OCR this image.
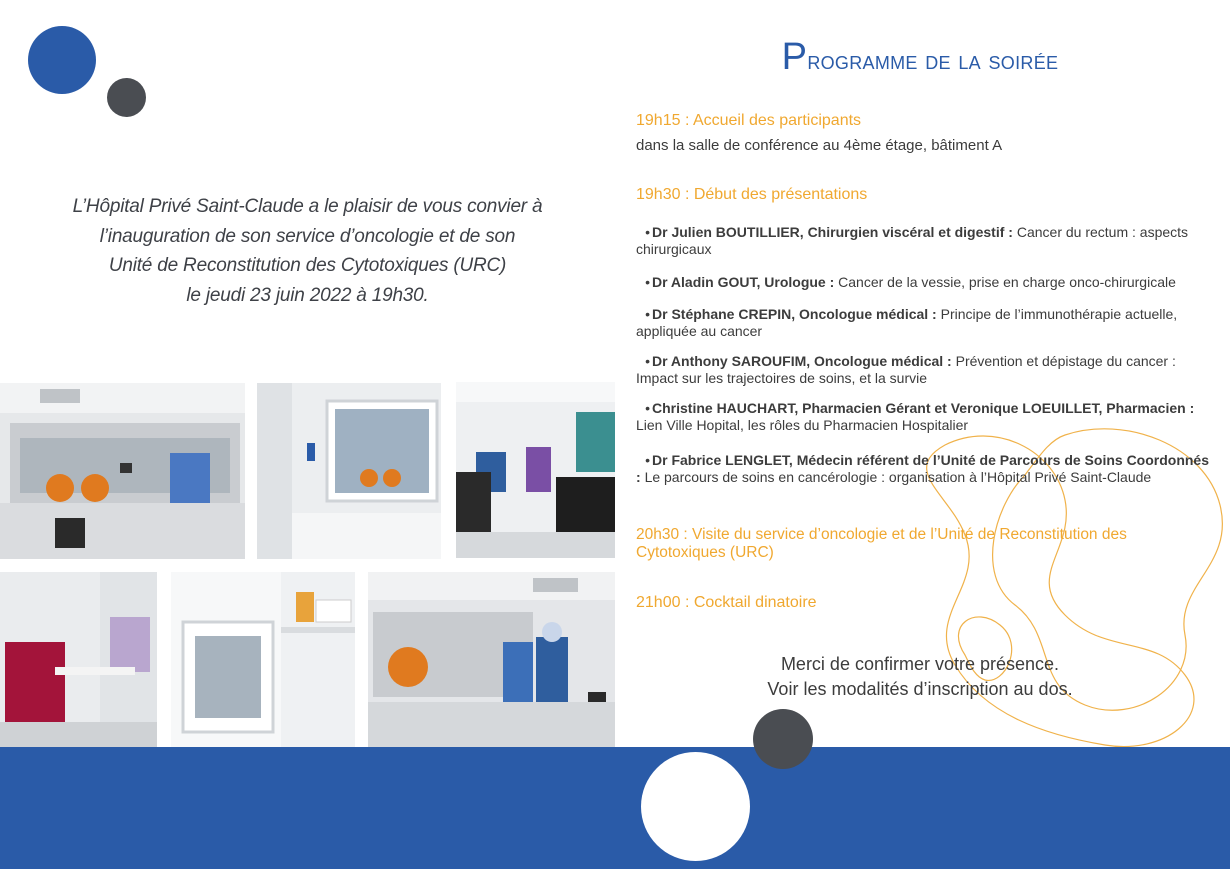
L’Hôpital Privé Saint-Claude a le plaisir de vous convier à
l’inauguration de son service d’oncologie et de son
Unité de Reconstitution des Cytotoxiques (URC)
le jeudi 23 juin 2022 à 19h30.
Programme de la soirée
19h15 : Accueil des participants
dans la salle de conférence au 4ème étage, bâtiment A
19h30 : Début des présentations
• Dr Julien BOUTILLIER, Chirurgien viscéral et digestif : Cancer du rectum : aspects chirurgicaux
• Dr Aladin GOUT, Urologue : Cancer de la vessie, prise en charge onco-chirurgicale
• Dr Stéphane CREPIN, Oncologue médical : Principe de l’immunothérapie actuelle, appliquée au cancer
• Dr Anthony SAROUFIM, Oncologue médical : Prévention et dépistage du cancer : Impact sur les trajectoires de soins, et la survie
• Christine HAUCHART, Pharmacien Gérant et Veronique LOEUILLET, Pharmacien : Lien Ville Hopital, les rôles du Pharmacien Hospitalier
• Dr Fabrice LENGLET, Médecin référent de l’Unité de Parcours de Soins Coordonnés : Le parcours de soins en cancérologie : organisation à l’Hôpital Privé Saint-Claude
20h30 : Visite du service d’oncologie et de l’Unité de Reconstitution des Cytotoxiques (URC)
21h00 : Cocktail dinatoire
Merci de confirmer votre présence.
Voir les modalités d’inscription au dos.
